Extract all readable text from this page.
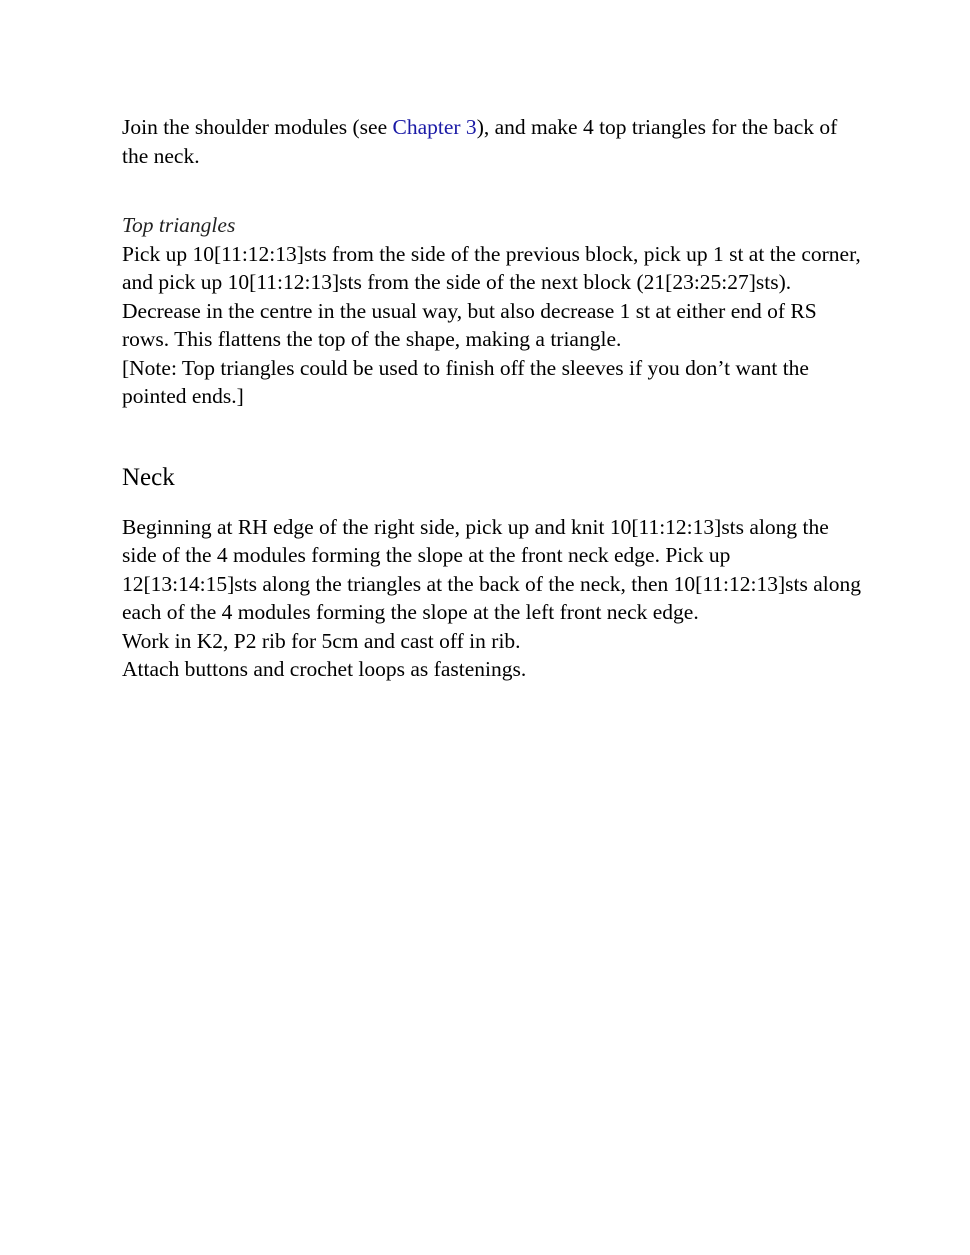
Join the shoulder modules (see Chapter 3), and make 4 top triangles for the back of the neck.

Top triangles

Pick up 10[11:12:13]sts from the side of the previous block, pick up 1 st at the corner, and pick up 10[11:12:13]sts from the side of the next block (21[23:25:27]sts).

Decrease in the centre in the usual way, but also decrease 1 st at either end of RS rows. This flattens the top of the shape, making a triangle.

[Note: Top triangles could be used to finish off the sleeves if you don’t want the pointed ends.]

Neck

Beginning at RH edge of the right side, pick up and knit 10[11:12:13]sts along the side of the 4 modules forming the slope at the front neck edge. Pick up 12[13:14:15]sts along the triangles at the back of the neck, then 10[11:12:13]sts along each of the 4 modules forming the slope at the left front neck edge.

Work in K2, P2 rib for 5cm and cast off in rib.

Attach buttons and crochet loops as fastenings.
